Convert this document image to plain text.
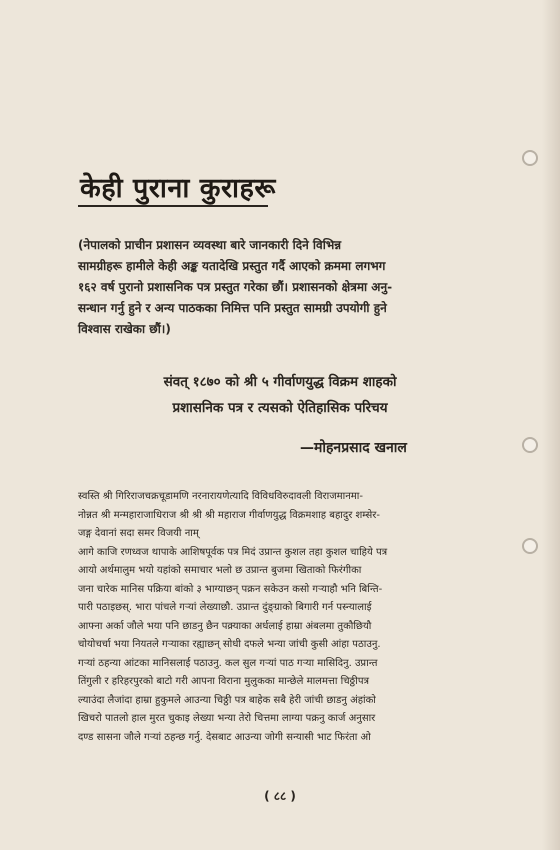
केही पुराना कुराहरू
(नेपालको प्राचीन प्रशासन व्यवस्था बारे जानकारी दिने विभिन्न
सामग्रीहरू हामीले केही अङ्क यतादेखि प्रस्तुत गर्दै आएको क्रममा लगभग
१६२ वर्ष पुरानो प्रशासनिक पत्र प्रस्तुत गरेका छौं। प्रशासनको क्षेत्रमा अनु-
सन्धान गर्नु हुने र अन्य पाठकका निमित्त पनि प्रस्तुत सामग्री उपयोगी हुने
विश्वास राखेका छौं।)
संवत् १८७० को श्री ५ गीर्वाणयुद्ध विक्रम शाहको
प्रशासनिक पत्र र त्यसको ऐतिहासिक परिचय
—मोहनप्रसाद खनाल
स्वस्ति श्री गिरिराजचक्रचूडामणि नरनारायणेत्यादि विविधविरुदावली विराजमानमा-
नोन्नत श्री मन्महाराजाधिराज श्री श्री श्री महाराज गीर्वाणयुद्ध विक्रमशाह बहादुर शम्सेर-
जङ्ग देवानां सदा समर विजयी नाम्
आगे काजि रणध्वज थापाके आशिषपूर्वक पत्र मिदं उप्रान्त कुशल तहा कुशल चाहिये पत्र
आयो अर्थमालुम भयो यहांको समाचार भलो छ उप्रान्त बुजमा खिताको फिरंगीका
जना चारेक मानिस पक्रिया बांको ३ भाग्याछन् पक्रन सकेउन कसो गर्‍याहौ भनि बिन्ति-
पारी पठाइछस्. भारा पांचले गर्‍यां लेख्याछौ. उप्रान्त दुंङ्‍ग्राको बिगारी गर्न पस्न्यालाई
आफ्ना अर्का जौले भया पनि छाडनु छैन पक्र्याका अर्धलाई हाम्रा अंबलमा तुकौछियौ
चोयोचर्चा भया नियतले गर्‍याका रह्याछन् सोधी दफले भन्या जांची कुसी आंहा पठाउनु.
गर्‍यां ठहन्या आंटका मानिसलाई पठाउनु. कल सुल गर्‍यां पाठ गर्‍या मासिदिनु. उप्रान्त
तिंगुली र हरिहरपुरको बाटो गरी आपना विराना मुलुकका मान्छेले मालमत्ता चिठ्ठीपत्र
ल्याउंदा लैजांदा हाम्रा हुकुमले आउन्या चिठ्ठी पत्र बाहेक सबै हेरी जांची छाडनु अंहांको
खिचरो पातलो हाल मुरत चुकाइ लेख्या भन्या तेरो चित्तमा लाग्या पक्रनु कार्ज अनुसार
दण्ड सासना जौले गर्‍यां ठहन्छ गर्नु. देसबाट आउन्या जोगी सन्यासी भाट फिरंता ओ
( ८८ )
